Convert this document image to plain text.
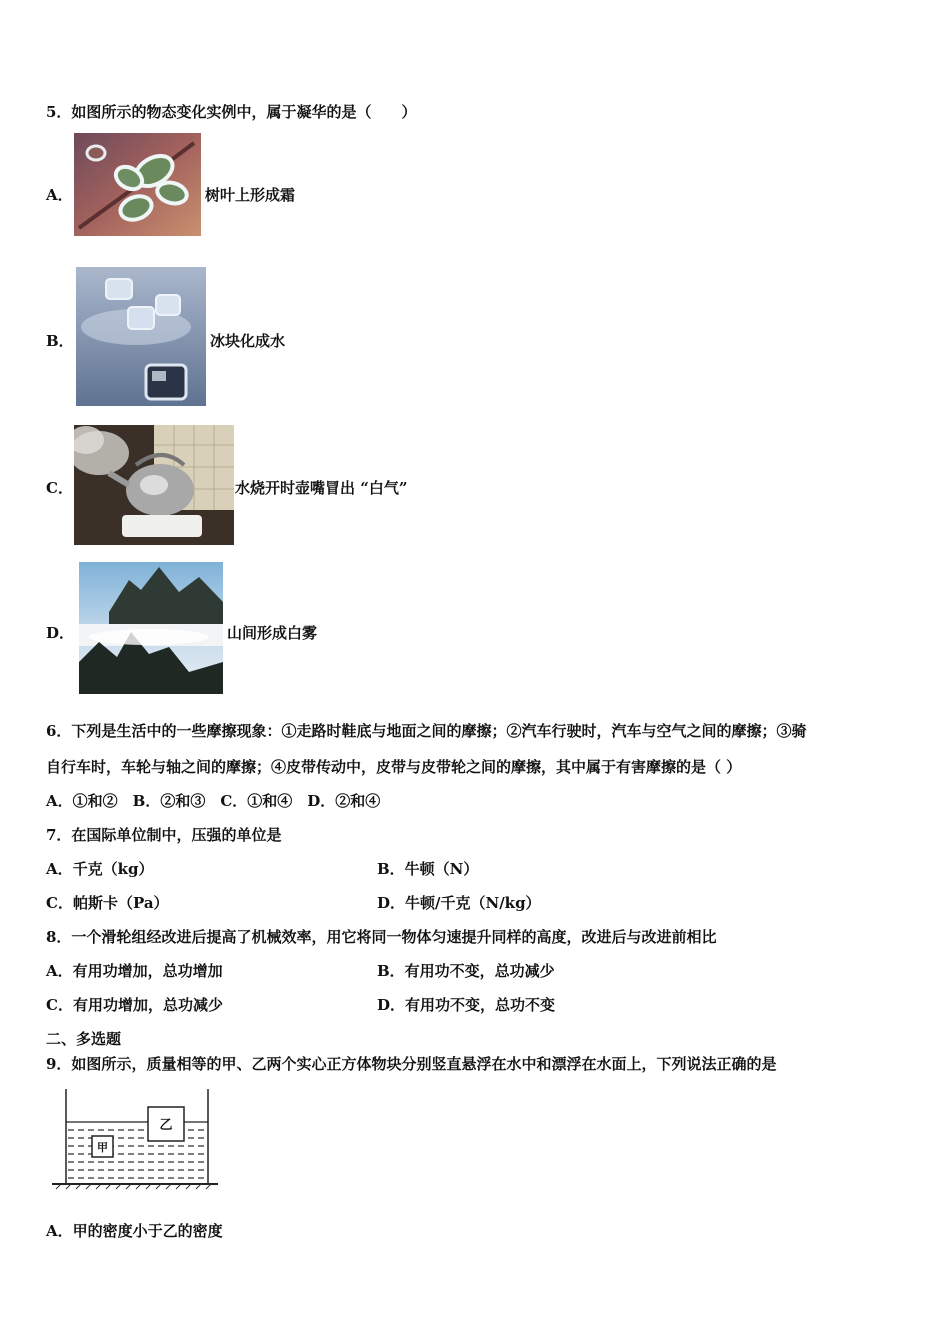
5．如图所示的物态变化实例中，属于凝华的是（　　）
A．	树叶上形成霜
B．	冰块化成水
C．	水烧开时壶嘴冒出 “白气”
D．	山间形成白雾
6．下列是生活中的一些摩擦现象：①走路时鞋底与地面之间的摩擦；②汽车行驶时，汽车与空气之间的摩擦；③骑
自行车时，车轮与轴之间的摩擦；④皮带传动中，皮带与皮带轮之间的摩擦，其中属于有害摩擦的是（ ）
A．①和②　B．②和③　C．①和④　D．②和④
7．在国际单位制中，压强的单位是
A．千克（kg）	B．牛顿（N）
C．帕斯卡（Pa）	D．牛顿/千克（N/kg）
8．一个滑轮组经改进后提高了机械效率，用它将同一物体匀速提升同样的高度，改进后与改进前相比
A．有用功增加，总功增加	B．有用功不变，总功减少
C．有用功增加，总功减少	D．有用功不变，总功不变
二、多选题
9．如图所示，质量相等的甲、乙两个实心正方体物块分别竖直悬浮在水中和漂浮在水面上，下列说法正确的是
乙
甲
A．甲的密度小于乙的密度
